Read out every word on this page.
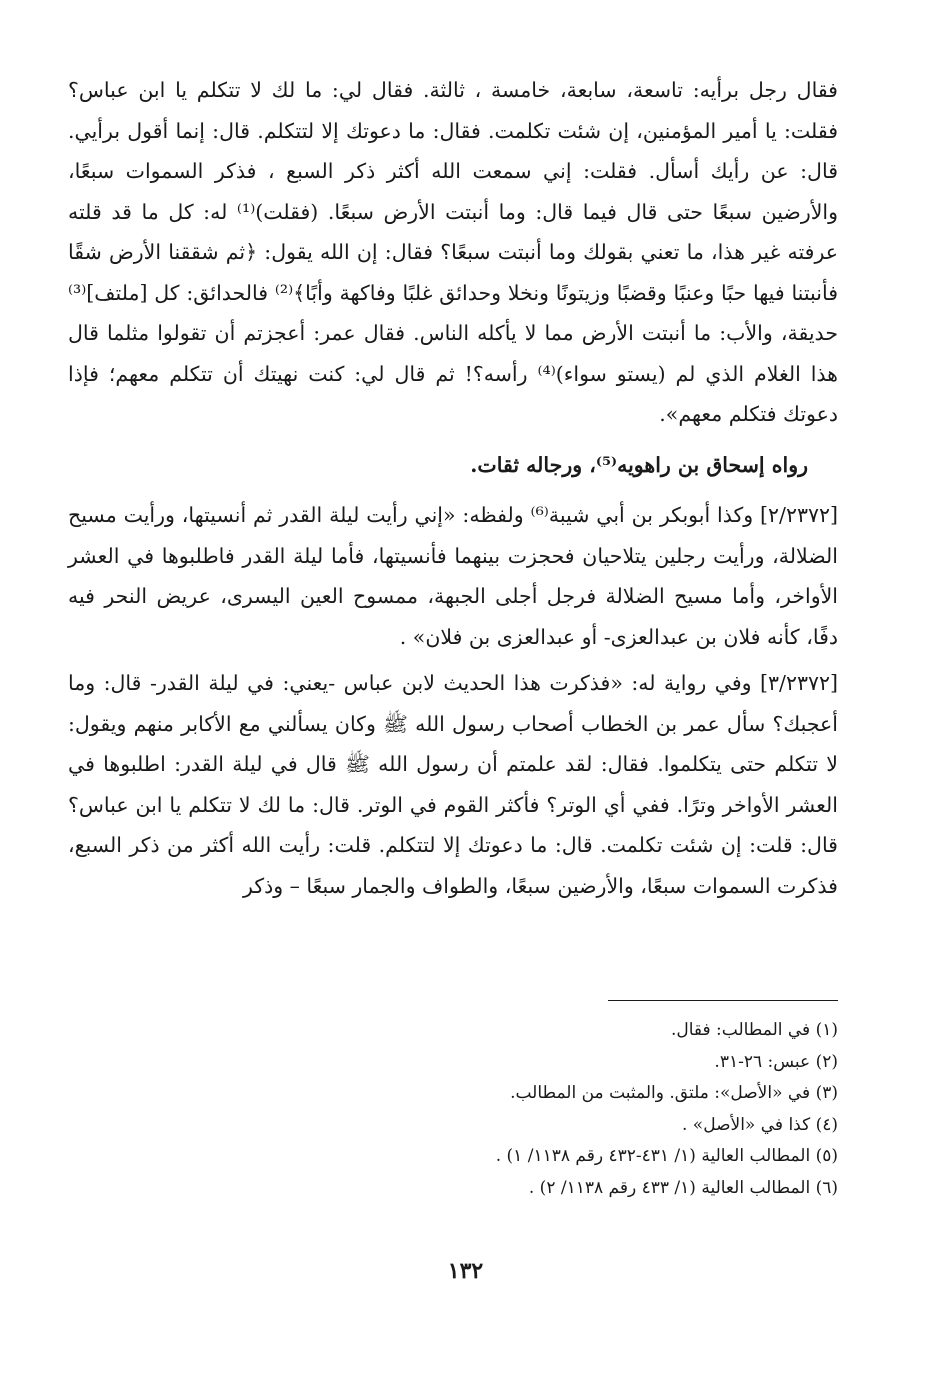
فقال رجل برأيه: تاسعة، سابعة، خامسة ، ثالثة. فقال لي: ما لك لا تتكلم يا ابن عباس؟ فقلت: يا أمير المؤمنين، إن شئت تكلمت. فقال: ما دعوتك إلا لتتكلم. قال: إنما أقول برأيي. قال: عن رأيك أسأل. فقلت: إني سمعت الله أكثر ذكر السبع ، فذكر السموات سبعًا، والأرضين سبعًا حتى قال فيما قال: وما أنبتت الأرض سبعًا. (فقلت)⁽¹⁾ له: كل ما قد قلته عرفته غير هذا، ما تعني بقولك وما أنبتت سبعًا؟ فقال: إن الله يقول: ﴿ثم شققنا الأرض شقًا فأنبتنا فيها حبًا وعنبًا وقضبًا وزيتونًا ونخلا وحدائق غلبًا وفاكهة وأبًا﴾⁽²⁾ فالحدائق: كل [ملتف]⁽³⁾ حديقة، والأب: ما أنبتت الأرض مما لا يأكله الناس. فقال عمر: أعجزتم أن تقولوا مثلما قال هذا الغلام الذي لم (يستو سواء)⁽⁴⁾ رأسه؟! ثم قال لي: كنت نهيتك أن تتكلم معهم؛ فإذا دعوتك فتكلم معهم».

رواه إسحاق بن راهويه⁽⁵⁾، ورجاله ثقات.

[٢/٢٣٧٢] وكذا أبوبكر بن أبي شيبة⁽⁶⁾ ولفظه: «إني رأيت ليلة القدر ثم أنسيتها، ورأيت مسيح الضلالة، ورأيت رجلين يتلاحيان فحجزت بينهما فأنسيتها، فأما ليلة القدر فاطلبوها في العشر الأواخر، وأما مسيح الضلالة فرجل أجلى الجبهة، ممسوح العين اليسرى، عريض النحر فيه دفًا، كأنه فلان بن عبدالعزى- أو عبدالعزى بن فلان» .

[٣/٢٣٧٢] وفي رواية له: «فذكرت هذا الحديث لابن عباس -يعني: في ليلة القدر- قال: وما أعجبك؟ سأل عمر بن الخطاب أصحاب رسول الله ﷺ وكان يسألني مع الأكابر منهم ويقول: لا تتكلم حتى يتكلموا. فقال: لقد علمتم أن رسول الله ﷺ قال في ليلة القدر: اطلبوها في العشر الأواخر وترًا. ففي أي الوتر؟ فأكثر القوم في الوتر. قال: ما لك لا تتكلم يا ابن عباس؟ قال: قلت: إن شئت تكلمت. قال: ما دعوتك إلا لتتكلم. قلت: رأيت الله أكثر من ذكر السبع، فذكرت السموات سبعًا، والأرضين سبعًا، والطواف والجمار سبعًا – وذكر

(١) في المطالب: فقال.

(٢) عبس: ٢٦-٣١.

(٣) في «الأصل»: ملتق. والمثبت من المطالب.

(٤) كذا في «الأصل» .

(٥) المطالب العالية (١/ ٤٣١-٤٣٢ رقم ١١٣٨/ ١) .

(٦) المطالب العالية (١/ ٤٣٣ رقم ١١٣٨/ ٢) .

١٣٢
